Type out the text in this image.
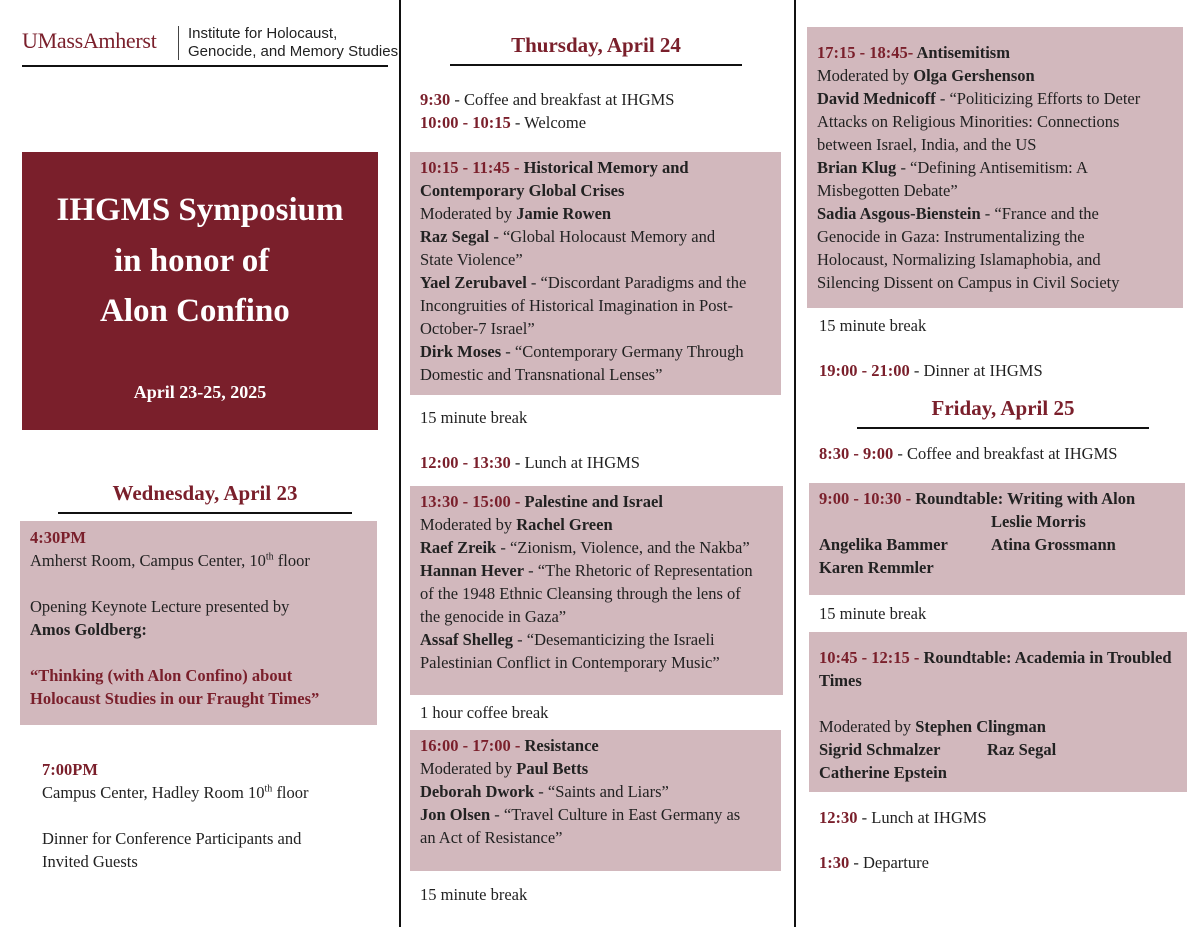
UMassAmherst Institute for Holocaust,
Genocide, and Memory Studies
IHGMS Symposium
in honor of
Alon Confino
April 23-25, 2025
Wednesday, April 23
4:30PM
Amherst Room, Campus Center, 10th floor
Opening Keynote Lecture presented by
Amos Goldberg:
“Thinking (with Alon Confino) about
Holocaust Studies in our Fraught Times”
7:00PM
Campus Center, Hadley Room 10th floor
Dinner for Conference Participants and
Invited Guests
Thursday, April 24
9:30 - Coffee and breakfast at IHGMS
10:00 - 10:15 - Welcome
10:15 - 11:45 - Historical Memory and
Contemporary Global Crises
Moderated by Jamie Rowen
Raz Segal - “Global Holocaust Memory and
State Violence”
Yael Zerubavel - “Discordant Paradigms and the
Incongruities of Historical Imagination in Post-
October-7 Israel”
Dirk Moses - “Contemporary Germany Through
Domestic and Transnational Lenses”
15 minute break
12:00 - 13:30 - Lunch at IHGMS
13:30 - 15:00 - Palestine and Israel
Moderated by Rachel Green
Raef Zreik - “Zionism, Violence, and the Nakba”
Hannan Hever - “The Rhetoric of Representation
of the 1948 Ethnic Cleansing through the lens of
the genocide in Gaza”
Assaf Shelleg - “Desemanticizing the Israeli
Palestinian Conflict in Contemporary Music”
1 hour coffee break
16:00 - 17:00 - Resistance
Moderated by Paul Betts
Deborah Dwork - “Saints and Liars”
Jon Olsen - “Travel Culture in East Germany as
an Act of Resistance”
15 minute break
17:15 - 18:45- Antisemitism
Moderated by Olga Gershenson
David Mednicoff - “Politicizing Efforts to Deter
Attacks on Religious Minorities: Connections
between Israel, India, and the US
Brian Klug - “Defining Antisemitism: A
Misbegotten Debate”
Sadia Asgous-Bienstein - “France and the
Genocide in Gaza: Instrumentalizing the
Holocaust, Normalizing Islamaphobia, and
Silencing Dissent on Campus in Civil Society
15 minute break
19:00 - 21:00 - Dinner at IHGMS
Friday, April 25
8:30 - 9:00 - Coffee and breakfast at IHGMS
9:00 - 10:30 - Roundtable: Writing with Alon
Leslie Morris
Angelika Bammer	Atina Grossmann
Karen Remmler
15 minute break
10:45 - 12:15 - Roundtable: Academia in Troubled
Times
Moderated by Stephen Clingman
Sigrid Schmalzer	Raz Segal
Catherine Epstein
12:30 - Lunch at IHGMS
1:30 - Departure
